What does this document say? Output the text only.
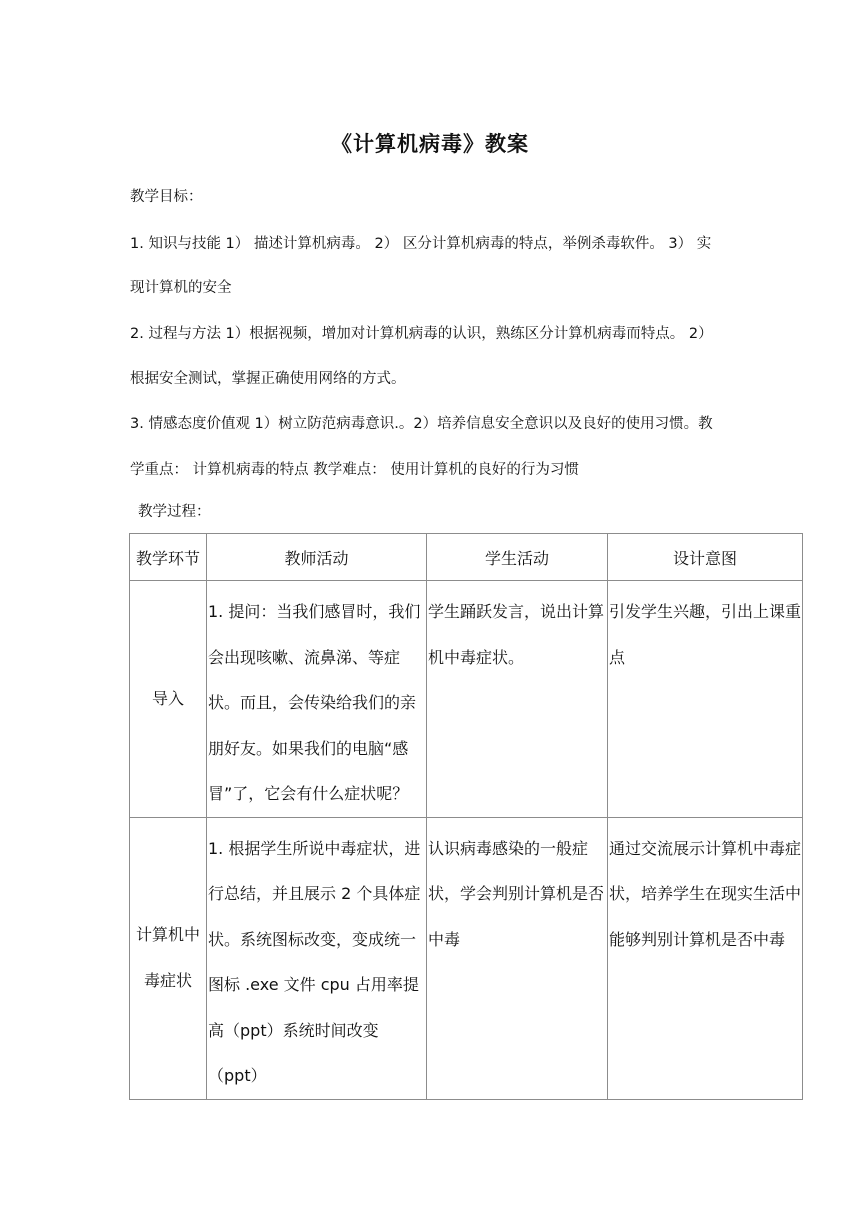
《计算机病毒》教案
教学目标：
1. 知识与技能 1） 描述计算机病毒。 2） 区分计算机病毒的特点，举例杀毒软件。 3） 实
现计算机的安全
2. 过程与方法 1）根据视频，增加对计算机病毒的认识，熟练区分计算机病毒而特点。 2）
根据安全测试，掌握正确使用网络的方式。
3. 情感态度价值观 1）树立防范病毒意识.。2）培养信息安全意识以及良好的使用习惯。教
学重点： 计算机病毒的特点 教学难点： 使用计算机的良好的行为习惯
教学过程：
教学环节	教师活动	学生活动	设计意图
导入	1. 提问：当我们感冒时，我们会出现咳嗽、流鼻涕、等症状。而且，会传染给我们的亲朋好友。如果我们的电脑“感冒”了，它会有什么症状呢？	学生踊跃发言，说出计算机中毒症状。	引发学生兴趣，引出上课重点
计算机中毒症状	1. 根据学生所说中毒症状，进行总结，并且展示 2 个具体症状。系统图标改变，变成统一图标 .exe 文件 cpu 占用率提高（ppt）系统时间改变（ppt）	认识病毒感染的一般症状，学会判别计算机是否中毒	通过交流展示计算机中毒症状，培养学生在现实生活中能够判别计算机是否中毒
